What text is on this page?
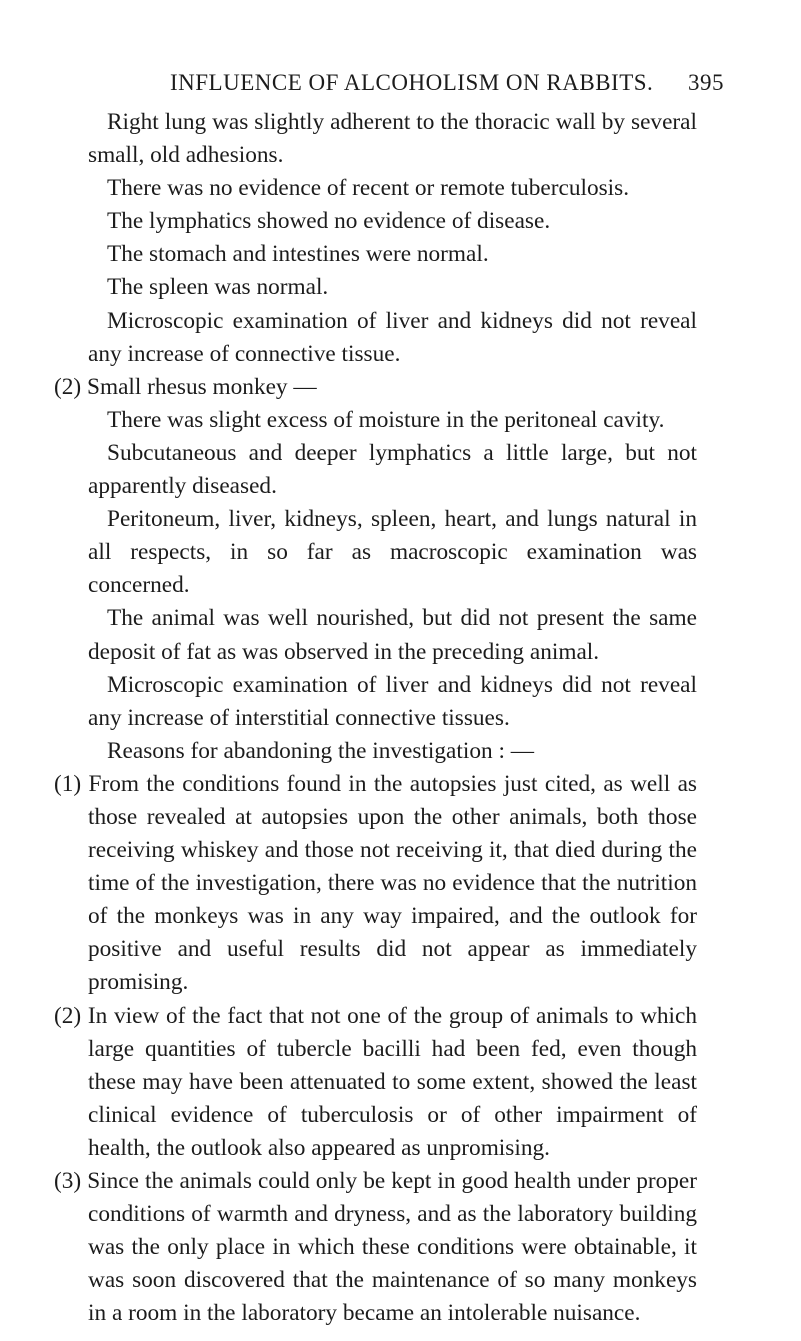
INFLUENCE OF ALCOHOLISM ON RABBITS. 395

Right lung was slightly adherent to the thoracic wall by several small, old adhesions.

There was no evidence of recent or remote tuberculosis.

The lymphatics showed no evidence of disease.

The stomach and intestines were normal.

The spleen was normal.

Microscopic examination of liver and kidneys did not reveal any increase of connective tissue.

(2) Small rhesus monkey —

There was slight excess of moisture in the peritoneal cavity.

Subcutaneous and deeper lymphatics a little large, but not apparently diseased.

Peritoneum, liver, kidneys, spleen, heart, and lungs natural in all respects, in so far as macroscopic examination was concerned.

The animal was well nourished, but did not present the same deposit of fat as was observed in the preceding animal.

Microscopic examination of liver and kidneys did not reveal any increase of interstitial connective tissues.

Reasons for abandoning the investigation : —

(1) From the conditions found in the autopsies just cited, as well as those revealed at autopsies upon the other animals, both those receiving whiskey and those not receiving it, that died during the time of the investigation, there was no evidence that the nutrition of the monkeys was in any way impaired, and the outlook for positive and useful results did not appear as immediately promising.

(2) In view of the fact that not one of the group of animals to which large quantities of tubercle bacilli had been fed, even though these may have been attenuated to some extent, showed the least clinical evidence of tuberculosis or of other impairment of health, the outlook also appeared as unpromising.

(3) Since the animals could only be kept in good health under proper conditions of warmth and dryness, and as the laboratory building was the only place in which these conditions were obtainable, it was soon discovered that the maintenance of so many monkeys in a room in the laboratory became an intolerable nuisance.
